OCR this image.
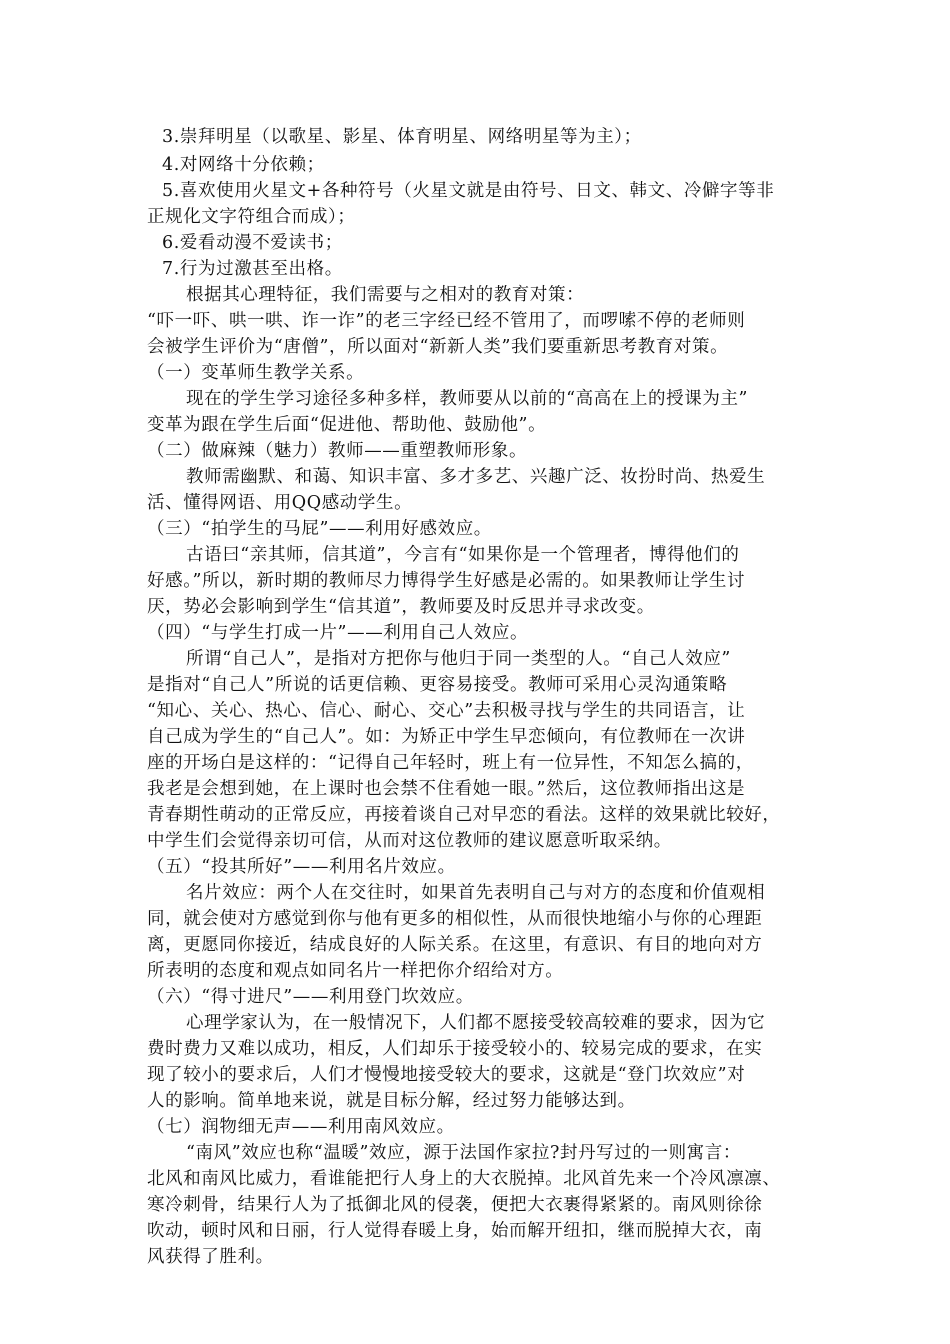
3.崇拜明星（以歌星、影星、体育明星、网络明星等为主）；
4.对网络十分依赖；
5.喜欢使用火星文+各种符号（火星文就是由符号、日文、韩文、冷僻字等非
正规化文字符组合而成）；
6.爱看动漫不爱读书；
7.行为过激甚至出格。
根据其心理特征，我们需要与之相对的教育对策：
“吓一吓、哄一哄、诈一诈”的老三字经已经不管用了，而啰嗦不停的老师则
会被学生评价为“唐僧”，所以面对“新新人类”我们要重新思考教育对策。
（一）变革师生教学关系。
现在的学生学习途径多种多样，教师要从以前的“高高在上的授课为主”
变革为跟在学生后面“促进他、帮助他、鼓励他”。
（二）做麻辣（魅力）教师——重塑教师形象。
教师需幽默、和蔼、知识丰富、多才多艺、兴趣广泛、妆扮时尚、热爱生
活、懂得网语、用QQ感动学生。
（三）“拍学生的马屁”——利用好感效应。
古语曰“亲其师，信其道”，今言有“如果你是一个管理者，博得他们的
好感。”所以，新时期的教师尽力博得学生好感是必需的。如果教师让学生讨
厌，势必会影响到学生“信其道”，教师要及时反思并寻求改变。
（四）“与学生打成一片”——利用自己人效应。
所谓“自己人”，是指对方把你与他归于同一类型的人。“自己人效应”
是指对“自己人”所说的话更信赖、更容易接受。教师可采用心灵沟通策略
“知心、关心、热心、信心、耐心、交心”去积极寻找与学生的共同语言，让
自己成为学生的“自己人”。如：为矫正中学生早恋倾向，有位教师在一次讲
座的开场白是这样的：“记得自己年轻时，班上有一位异性，不知怎么搞的，
我老是会想到她，在上课时也会禁不住看她一眼。”然后，这位教师指出这是
青春期性萌动的正常反应，再接着谈自己对早恋的看法。这样的效果就比较好，
中学生们会觉得亲切可信，从而对这位教师的建议愿意听取采纳。
（五）“投其所好”——利用名片效应。
名片效应：两个人在交往时，如果首先表明自己与对方的态度和价值观相
同，就会使对方感觉到你与他有更多的相似性，从而很快地缩小与你的心理距
离，更愿同你接近，结成良好的人际关系。在这里，有意识、有目的地向对方
所表明的态度和观点如同名片一样把你介绍给对方。
（六）“得寸进尺”——利用登门坎效应。
心理学家认为，在一般情况下，人们都不愿接受较高较难的要求，因为它
费时费力又难以成功，相反，人们却乐于接受较小的、较易完成的要求，在实
现了较小的要求后，人们才慢慢地接受较大的要求，这就是“登门坎效应”对
人的影响。简单地来说，就是目标分解，经过努力能够达到。
（七）润物细无声——利用南风效应。
“南风”效应也称“温暖”效应，源于法国作家拉?封丹写过的一则寓言：
北风和南风比威力，看谁能把行人身上的大衣脱掉。北风首先来一个冷风凛凛、
寒冷刺骨，结果行人为了抵御北风的侵袭，便把大衣裹得紧紧的。南风则徐徐
吹动，顿时风和日丽，行人觉得春暖上身，始而解开纽扣，继而脱掉大衣，南
风获得了胜利。
